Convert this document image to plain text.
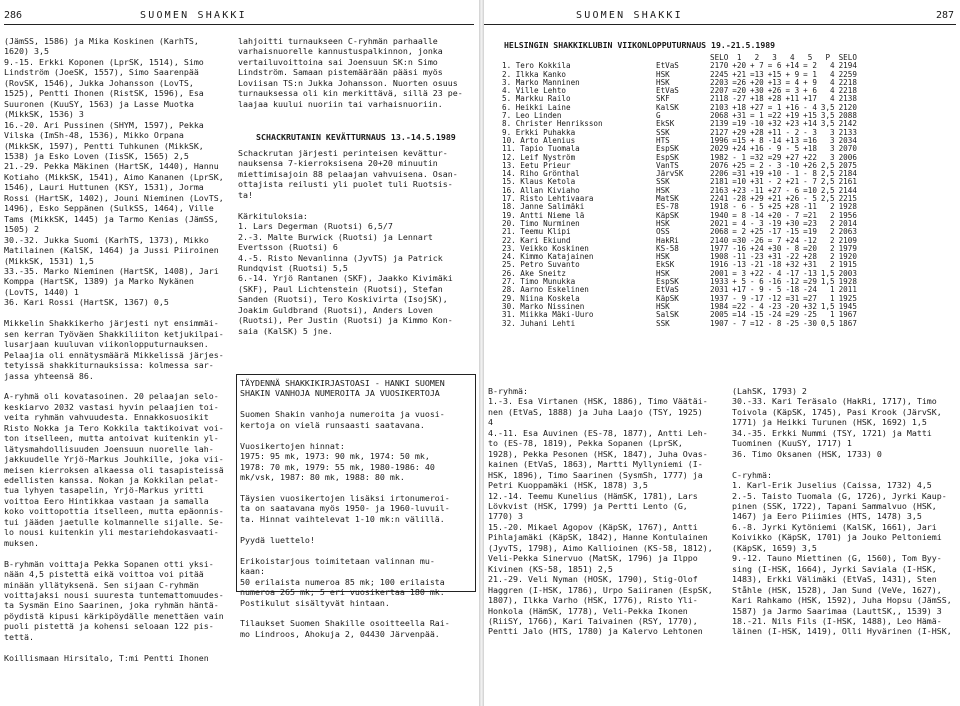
286	SUOMEN SHAKKI

(JämSS, 1586) ja Mika Koskinen (KarhTS,

1620) 3,5

9.-15. Erkki Koponen (LprSK, 1514), Simo

Lindström (JoeSK, 1557), Simo Saarenpää

(RovSK, 1546), Jukka Johansson (LovTS,

1525), Pentti Ihonen (RistSK, 1596), Esa

Suuronen (KuuSY, 1563) ja Lasse Muotka

(MikkSK, 1536) 3

16.-20. Ari Pussinen (SHYM, 1597), Pekka

Vilska (ImSh-48, 1536), Mikko Orpana

(MikkSK, 1597), Pentti Tuhkunen (MikkSK,

1538) ja Esko Loven (IisSK, 1565) 2,5

21.-29. Pekka Mäkinen (HartSK, 1440), Hannu

Kotiaho (MikkSK, 1541), Aimo Kananen (LprSK,

1546), Lauri Huttunen (KSY, 1531), Jorma

Rossi (HartSK, 1402), Jouni Nieminen (LovTS,

1496), Esko Seppänen (SulkSS, 1464), Ville

Tams (MikkSK, 1445) ja Tarmo Kenias (JämSS,

1505) 2

30.-32. Jukka Suomi (KarhTS, 1373), Mikko

Matilainen (KalSK, 1464) ja Jussi Piiroinen

(MikkSK, 1531) 1,5

33.-35. Marko Nieminen (HartSK, 1408), Jari

Komppa (HartSK, 1389) ja Marko Nykänen

(LovTS, 1440) 1

36. Kari Rossi (HartSK, 1367) 0,5

Mikkelin Shakkikerho järjesti nyt ensimmäi-

sen kerran Työväen Shakkiliiton ketjukilpai-

lusarjaan kuuluvan viikonlopputurnauksen.

Pelaajia oli ennätysmäärä Mikkelissä järjes-

tetyissä shakkiturnauksissa: kolmessa sar-

jassa yhteensä 86.

A-ryhmä oli kovatasoinen. 20 pelaajan selo-

keskiarvo 2032 vastasi hyvin pelaajien toi-

veita ryhmän vahvuudesta. Ennakkosuosikit

Risto Nokka ja Tero Kokkila taktikoivat voi-

ton itselleen, mutta antoivat kuitenkin yl-

lätysmahdollisuuden Joensuun nuorelle lah-

jakkuudelle Yrjö-Markus Jouhkille, joka vii-

meisen kierroksen alkaessa oli tasapisteissä

edellisten kanssa. Nokan ja Kokkilan pelat-

tua lyhyen tasapelin, Yrjö-Markus yritti

voittoa Eero Hintikkaa vastaan ja samalla

koko voittopottia itselleen, mutta epäonnis-

tui jääden jaetulle kolmannelle sijalle. Se-

lo nousi kuitenkin yli mestariehdokasvaati-

muksen.

B-ryhmän voittaja Pekka Sopanen otti yksi-

nään 4,5 pistettä eikä voittoa voi pitää

minään yllätyksenä. Sen sijaan C-ryhmän

voittajaksi nousi suuresta tuntemattomuudes-

ta Sysmän Eino Saarinen, joka ryhmän häntä-

pöydistä kipusi kärkipöydälle menettäen vain

puoli pistettä ja kohensi seloaan 122 pis-

tettä.

Koillismaan Hirsitalo, T:mi Pentti Ihonen

lahjoitti turnaukseen C-ryhmän parhaalle

varhaisnuorelle kannustuspalkinnon, jonka

vertailuvoittoina sai Joensuun SK:n Simo

Lindström. Samaan pistemäärään pääsi myös

Loviisan TS:n Jukka Johansson. Nuorten osuus

turnauksessa oli kin merkittävä, sillä 23 pe-

laajaa kuului nuoriin tai varhaisnuoriin.

SCHACKRUTANIN KEVÄTTURNAUS 13.-14.5.1989

Schackrutan järjesti perinteisen kevättur-

nauksensa 7-kierroksisena 20+20 minuutin

miettimisajoin 88 pelaajan vahvuisena. Osan-

ottajista reilusti yli puolet tuli Ruotsis-

ta!

Kärkituloksia:

1. Lars Degerman (Ruotsi) 6,5/7

2.-3. Malte Burwick (Ruotsi) ja Lennart

Evertsson (Ruotsi) 6

4.-5. Risto Nevanlinna (JyvTS) ja Patrick

Rundqvist (Ruotsi) 5,5

6.-14. Yrjö Rantanen (SKF), Jaakko Kivimäki

(SKF), Paul Lichtenstein (Ruotsi), Stefan

Sanden (Ruotsi), Tero Koskivirta (IsojSK),

Joakim Guldbrand (Ruotsi), Anders Loven

(Ruotsi), Per Justin (Ruotsi) ja Kimmo Kon-

saia (KalSK) 5 jne.

TÄYDENNÄ SHAKKIKIRJASTOASI - HANKI SUOMEN

SHAKIN VANHOJA NUMEROITA JA VUOSIKERTOJA

Suomen Shakin vanhoja numeroita ja vuosi-

kertoja on vielä runsaasti saatavana.

Vuosikertojen hinnat:

1975: 95 mk, 1973: 90 mk, 1974: 50 mk,

1978: 70 mk, 1979: 55 mk, 1980-1986: 40

mk/vsk, 1987: 80 mk, 1988: 80 mk.

Täysien vuosikertojen lisäksi irtonumeroi-

ta on saatavana myös 1950- ja 1960-luvuil-

ta. Hinnat vaihtelevat 1-10 mk:n välillä.

Pyydä luettelo!

Erikoistarjous toimitetaan valinnan mu-

kaan:

50 erilaista numeroa 85 mk; 100 erilaista

numeroa 265 mk; 5 eri vuosikertaa 180 mk.

Postikulut sisältyvät hintaan.

Tilaukset Suomen Shakille osoitteella Rai-

mo Lindroos, Ahokuja 2, 04430 Järvenpää.

SUOMEN SHAKKI	287
HELSINGIN SHAKKIKLUBIN VIIKONLOPPUTURNAUS 19.-21.5.1989
		SELO	1	2	3	4	5	P	SELO
1. Tero Kokkila	EtVaS	2170	+20	+ 7	= 6	+14	= 2	4	2194
2. Ilkka Kanko	HSK	2245	+21	=13	+15	+ 9	= 1	4	2259
3. Marko Manninen	HSK	2203	=26	+20	+13	= 4	+ 9	4	2218
4. Ville Lehto	EtVaS	2207	=20	+30	+26	= 3	+ 6	4	2218
5. Markku Railo	SKF	2118	-27	+18	+28	+11	+17	4	2138
6. Heikki Laine	KalSK	2103	+18	+27	= 1	+16	- 4	3,5	2120
7. Leo Linden	G	2068	+31	= 1	=22	+19	+15	3,5	2088
8. Christer Henriksson	EkSK	2139	=19	-10	+32	+23	+14	3,5	2142
9. Erkki Puhakka	SSK	2127	+29	+28	+11	- 2	- 3	3	2133
10. Arto Alenius	HTS	1996	=15	+ 8	-14	+13	=16	3	2034
11. Tapio Tuomala	EspSK	2029	+24	+16	- 9	- 5	+18	3	2070
12. Leif Nyström	EspSK	1982	- 1	=32	=29	+27	+22	3	2006
13. Eetu Prieur	VanTS	2076	+25	= 2	- 3	-10	+26	2,5	2075
14. Riho Grönthal	JärvSK	2206	=31	+19	+10	- 1	- 8	2,5	2184
15. Klaus Ketola	SSK	2181	=10	+31	- 2	+21	- 7	2,5	2161
16. Allan Kiviaho	HSK	2163	+23	-11	+27	- 6	=10	2,5	2144
17. Risto Lehtivaara	MatSK	2241	-28	+29	+21	+26	- 5	2,5	2215
18. Janne Salimäki	ES-78	1918	- 6	- 5	+25	+28	-11	2	1928
19. Antti Nieme lä	KäpSK	1940	= 8	-14	+20	- 7	=21	2	1956
20. Timo Nurminen	HSK	2021	= 4	- 3	-19	+30	=23	2	2014
21. Teemu Klipi	OSS	2068	= 2	+25	-17	-15	=19	2	2063
22. Kari Ekiund	HakRi	2140	=30	-26	= 7	+24	-12	2	2109
23. Veikko Koskinen	KS-58	1977	-16	+24	+30	- 8	=20	2	1979
24. Kimmo Katajainen	HSK	1908	-11	-23	+31	-22	+28	2	1920
25. Petro Suvanto	EkSK	1916	-13	-21	-18	+32	+31	2	1915
26. Ake Sneitz	HSK	2001	= 3	+22	- 4	-17	-13	1,5	2003
27. Timo Munukka	EspSK	1933	+ 5	- 6	-16	-12	=29	1,5	1928
28. Aarno Eskelinen	EtVaS	2031	+17	- 9	- 5	-18	-24	1	2011
29. Niina Koskela	KäpSK	1937	- 9	-17	-12	=31	=27	1	1925
30. Marko Nissinen	HSK	1984	=22	- 4	-23	-20	+32	1,5	1945
31. Miikka Mäki-Uuro	SalSK	2005	=14	-15	-24	=29	-25	1	1967
32. Juhani Lehti	SSK	1907	- 7	=12	- 8	-25	-30	0,5	1867

B-ryhmä:

1.-3. Esa Virtanen (HSK, 1886), Timo Väätäi-

nen (EtVaS, 1888) ja Juha Laajo (TSY, 1925)

4

4.-11. Esa Auvinen (ES-78, 1877), Antti Leh-

to (ES-78, 1819), Pekka Sopanen (LprSK,

1928), Pekka Pesonen (HSK, 1847), Juha Ovas-

kainen (EtVaS, 1863), Martti Myllyniemi (I-

HSK, 1896), Timo Saarinen (SysmSh, 1777) ja

Petri Kuoppamäki (HSK, 1878) 3,5

12.-14. Teemu Kunelius (HämSK, 1781), Lars

Lövkvist (HSK, 1799) ja Pertti Lento (G,

1770) 3

15.-20. Mikael Agopov (KäpSK, 1767), Antti

Pihlajamäki (KäpSK, 1842), Hanne Kontulainen

(JyvTS, 1798), Aimo Kallioinen (KS-58, 1812),

Veli-Pekka Sinervuo (MatSK, 1796) ja Ilppo

Kivinen (KS-58, 1851) 2,5

21.-29. Veli Nyman (HOSK, 1790), Stig-Olof

Haggren (I-HSK, 1786), Urpo Saiiranen (EspSK,

1807), Ilkka Varho (HSK, 1776), Risto Yli-

Honkola (HämSK, 1778), Veli-Pekka Ikonen

(RiiSY, 1766), Kari Taivainen (RSY, 1770),

Pentti Jalo (HTS, 1780) ja Kalervo Lehtonen

(LahSK, 1793) 2

30.-33. Kari Teräsalo (HakRi, 1717), Timo

Toivola (KäpSK, 1745), Pasi Krook (JärvSK,

1771) ja Heikki Turunen (HSK, 1692) 1,5

34.-35. Erkki Nummi (TSY, 1721) ja Matti

Tuominen (KuuSY, 1717) 1

36. Timo Oksanen (HSK, 1733) 0

C-ryhmä:

1. Karl-Erik Juselius (Caissa, 1732) 4,5

2.-5. Taisto Tuomala (G, 1726), Jyrki Kaup-

pinen (SSK, 1722), Tapani Sammalvuo (HSK,

1467) ja Eero Piiimies (HTS, 1478) 3,5

6.-8. Jyrki Kytöniemi (KalSK, 1661), Jari

Koivikko (KäpSK, 1701) ja Jouko Peltoniemi

(KäpSK, 1659) 3,5

9.-12. Tauno Miettinen (G, 1560), Tom Byy-

sing (I-HSK, 1664), Jyrki Saviala (I-HSK,

1483), Erkki Välimäki (EtVaS, 1431), Sten

Ståhle (HSK, 1528), Jan Sund (VeVe, 1627),

Kari Rahkamo (HSK, 1592), Juha Hopsu (JämSS,

1587) ja Jarmo Saarimaa (LauttSK,, 1539) 3

18.-21. Nils Fils (I-HSK, 1488), Leo Hämä-

läinen (I-HSK, 1419), Olli Hyvärinen (I-HSK,
